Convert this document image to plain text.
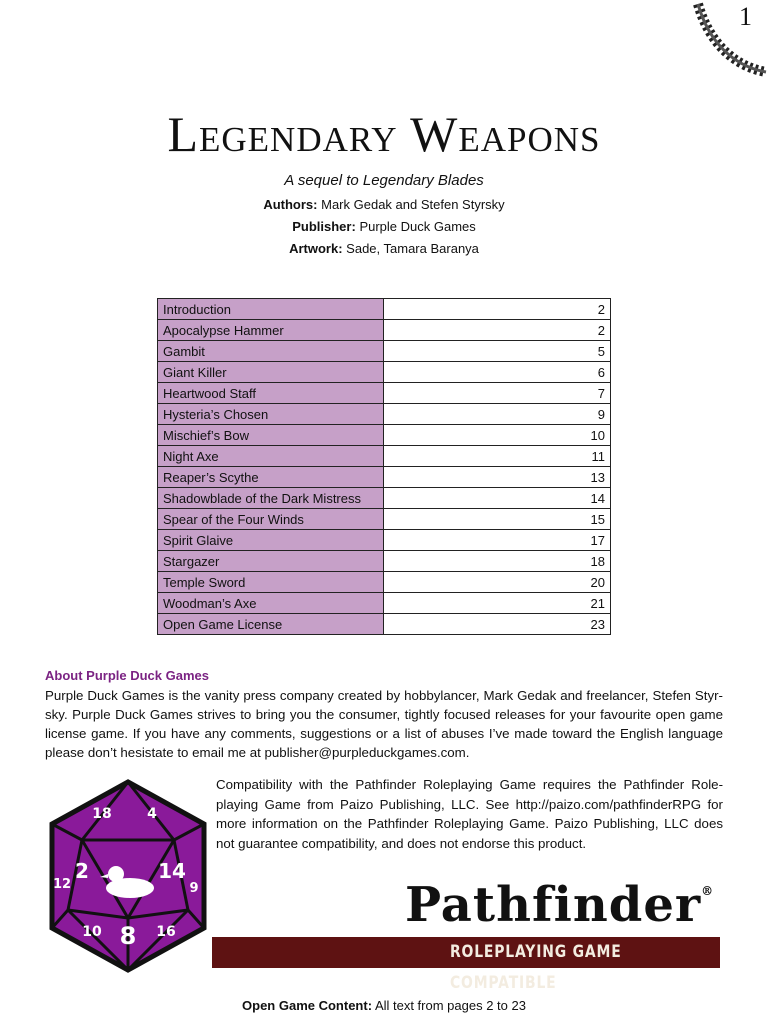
1
Legendary Weapons
A sequel to Legendary Blades
Authors: Mark Gedak and Stefen Styrsky
Publisher: Purple Duck Games
Artwork: Sade, Tamara Baranya
Introduction	2
Apocalypse Hammer	2
Gambit	5
Giant Killer	6
Heartwood Staff	7
Hysteria’s Chosen	9
Mischief’s Bow	10
Night Axe	11
Reaper’s Scythe	13
Shadowblade of the Dark Mistress	14
Spear of the Four Winds	15
Spirit Glaive	17
Stargazer	18
Temple Sword	20
Woodman’s Axe	21
Open Game License	23
About Purple Duck Games
Purple Duck Games is the vanity press company created by hobbylancer, Mark Gedak and freelancer, Stefen Styr-sky. Purple Duck Games strives to bring you the consumer, tightly focused releases for your favourite open game license game. If you have any comments, suggestions or a list of abuses I’ve made toward the English language please don’t hesistate to email me at publisher@purpleduckgames.com.
18	4
2	14
12	9
10 8 16
Compatibility with the Pathfinder Roleplaying Game requires the Pathfinder Role-playing Game from Paizo Publishing, LLC. See http://paizo.com/pathfinderRPG for more information on the Pathfinder Roleplaying Game. Paizo Publishing, LLC does not guarantee compatibility, and does not endorse this product.
Pathfinder®
ROLEPLAYING GAME COMPATIBLE
Open Game Content: All text from pages 2 to 23
